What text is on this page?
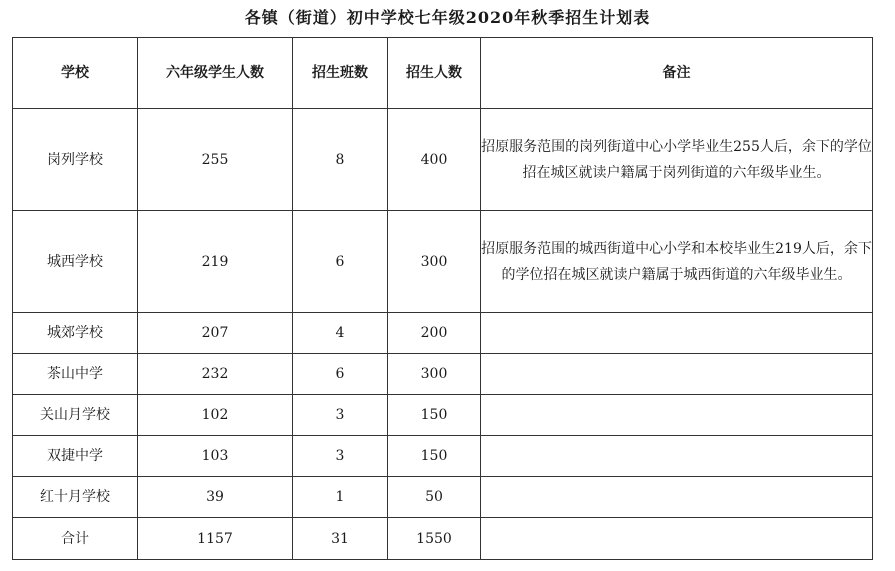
各镇（街道）初中学校七年级2020年秋季招生计划表
学校	六年级学生人数	招生班数	招生人数	备注
岗列学校	255	8	400	招原服务范围的岗列街道中心小学毕业生255人后，余下的学位招在城区就读户籍属于岗列街道的六年级毕业生。
城西学校	219	6	300	招原服务范围的城西街道中心小学和本校毕业生219人后，余下的学位招在城区就读户籍属于城西街道的六年级毕业生。
城郊学校	207	4	200	
茶山中学	232	6	300	
关山月学校	102	3	150	
双捷中学	103	3	150	
红十月学校	39	1	50	
合计	1157	31	1550	
